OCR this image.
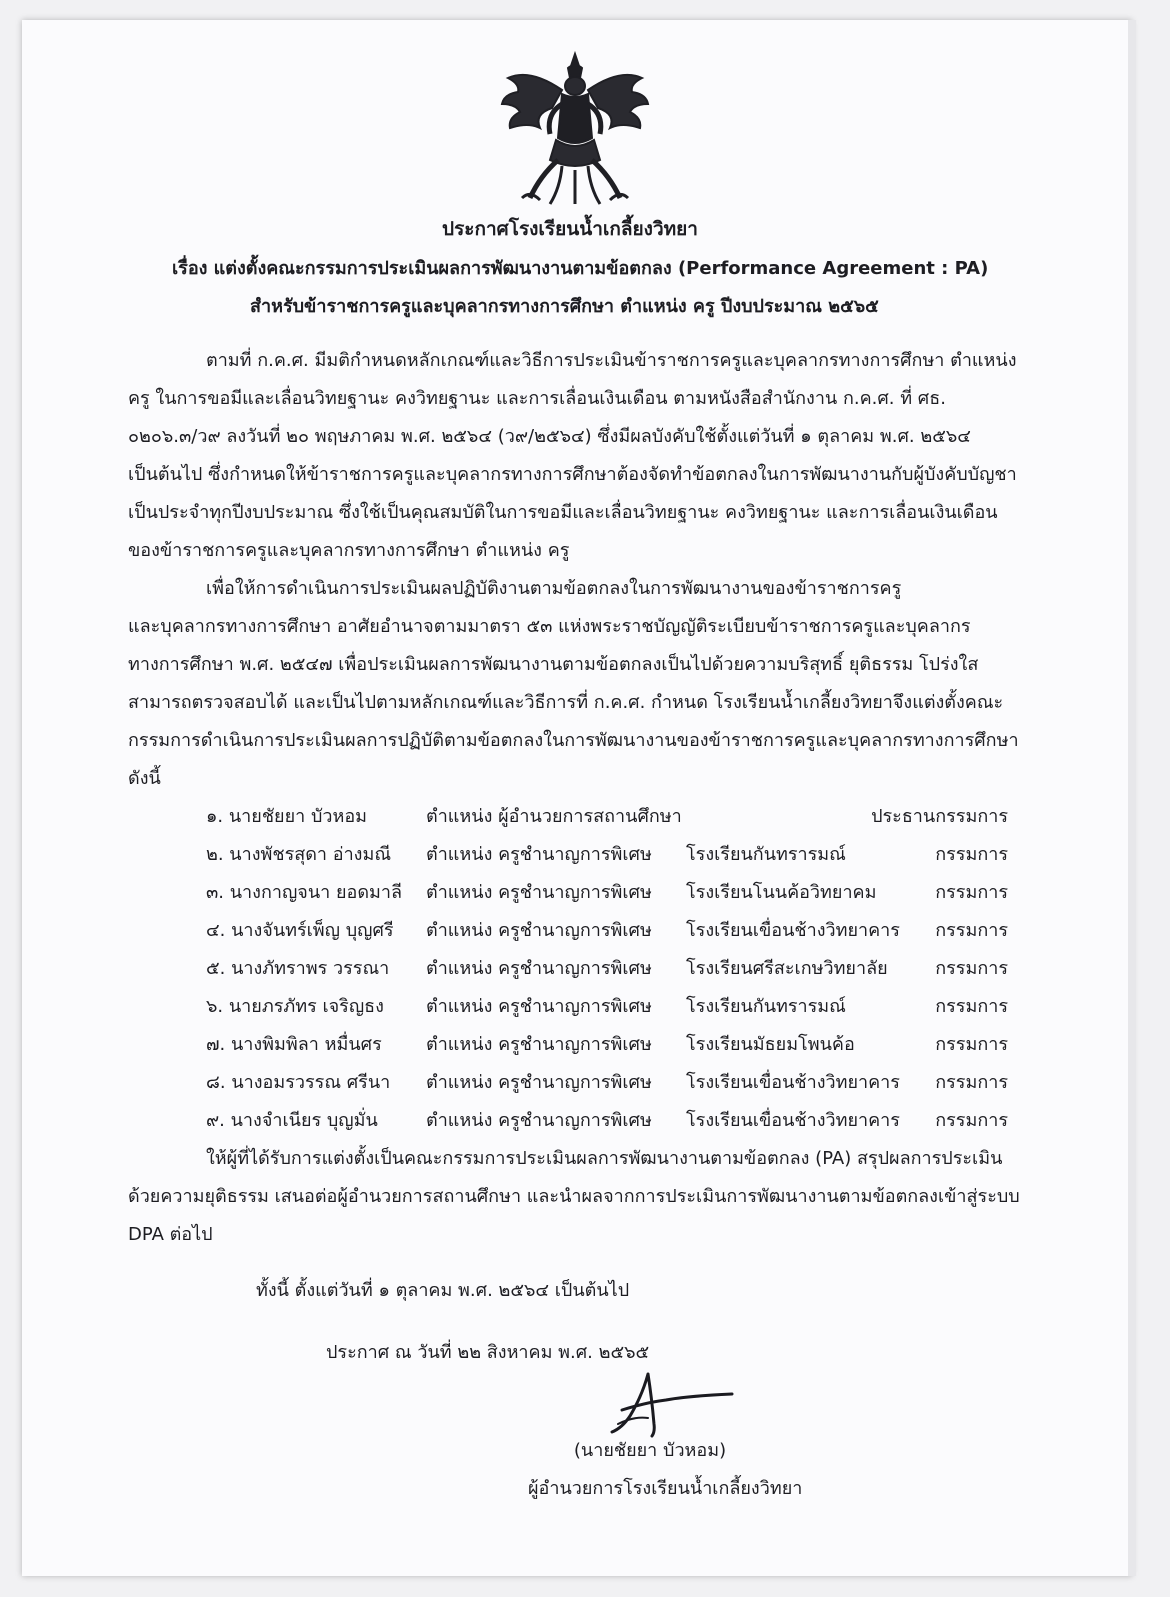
ประกาศโรงเรียนน้ำเกลี้ยงวิทยา
เรื่อง แต่งตั้งคณะกรรมการประเมินผลการพัฒนางานตามข้อตกลง (Performance Agreement : PA)
สำหรับข้าราชการครูและบุคลากรทางการศึกษา ตำแหน่ง ครู ปีงบประมาณ ๒๕๖๕
ตามที่ ก.ค.ศ. มีมติกำหนดหลักเกณฑ์และวิธีการประเมินข้าราชการครูและบุคลากรทางการศึกษา ตำแหน่ง
ครู ในการขอมีและเลื่อนวิทยฐานะ คงวิทยฐานะ และการเลื่อนเงินเดือน ตามหนังสือสำนักงาน ก.ค.ศ. ที่ ศธ.
๐๒๐๖.๓/ว๙ ลงวันที่ ๒๐ พฤษภาคม พ.ศ. ๒๕๖๔ (ว๙/๒๕๖๔) ซึ่งมีผลบังคับใช้ตั้งแต่วันที่ ๑ ตุลาคม พ.ศ. ๒๕๖๔
เป็นต้นไป ซึ่งกำหนดให้ข้าราชการครูและบุคลากรทางการศึกษาต้องจัดทำข้อตกลงในการพัฒนางานกับผู้บังคับบัญชา
เป็นประจำทุกปีงบประมาณ ซึ่งใช้เป็นคุณสมบัติในการขอมีและเลื่อนวิทยฐานะ คงวิทยฐานะ และการเลื่อนเงินเดือน
ของข้าราชการครูและบุคลากรทางการศึกษา ตำแหน่ง ครู
เพื่อให้การดำเนินการประเมินผลปฏิบัติงานตามข้อตกลงในการพัฒนางานของข้าราชการครู
และบุคลากรทางการศึกษา อาศัยอำนาจตามมาตรา ๕๓ แห่งพระราชบัญญัติระเบียบข้าราชการครูและบุคลากร
ทางการศึกษา พ.ศ. ๒๕๔๗ เพื่อประเมินผลการพัฒนางานตามข้อตกลงเป็นไปด้วยความบริสุทธิ์ ยุติธรรม โปร่งใส
สามารถตรวจสอบได้ และเป็นไปตามหลักเกณฑ์และวิธีการที่ ก.ค.ศ. กำหนด โรงเรียนน้ำเกลี้ยงวิทยาจึงแต่งตั้งคณะ
กรรมการดำเนินการประเมินผลการปฏิบัติตามข้อตกลงในการพัฒนางานของข้าราชการครูและบุคลากรทางการศึกษา
ดังนี้
๑. นายชัยยา บัวหอม	ตำแหน่ง ผู้อำนวยการสถานศึกษา	ประธานกรรมการ
๒. นางพัชรสุดา อ่างมณี ตำแหน่ง ครูชำนาญการพิเศษ โรงเรียนกันทรารมณ์	กรรมการ
๓. นางกาญจนา ยอดมาลี ตำแหน่ง ครูชำนาญการพิเศษ โรงเรียนโนนค้อวิทยาคม	กรรมการ
๔. นางจันทร์เพ็ญ บุญศรี ตำแหน่ง ครูชำนาญการพิเศษ โรงเรียนเขื่อนช้างวิทยาคาร	กรรมการ
๕. นางภัทราพร วรรณา ตำแหน่ง ครูชำนาญการพิเศษ โรงเรียนศรีสะเกษวิทยาลัย	กรรมการ
๖. นายภรภัทร เจริญธง ตำแหน่ง ครูชำนาญการพิเศษ โรงเรียนกันทรารมณ์	กรรมการ
๗. นางพิมพิลา หมื่นศร ตำแหน่ง ครูชำนาญการพิเศษ โรงเรียนมัธยมโพนค้อ	กรรมการ
๘. นางอมรวรรณ ศรีนา ตำแหน่ง ครูชำนาญการพิเศษ โรงเรียนเขื่อนช้างวิทยาคาร	กรรมการ
๙. นางจำเนียร บุญมั่น	ตำแหน่ง ครูชำนาญการพิเศษ โรงเรียนเขื่อนช้างวิทยาคาร	กรรมการ
ให้ผู้ที่ได้รับการแต่งตั้งเป็นคณะกรรมการประเมินผลการพัฒนางานตามข้อตกลง (PA) สรุปผลการประเมิน
ด้วยความยุติธรรม เสนอต่อผู้อำนวยการสถานศึกษา และนำผลจากการประเมินการพัฒนางานตามข้อตกลงเข้าสู่ระบบ
DPA ต่อไป
ทั้งนี้ ตั้งแต่วันที่ ๑ ตุลาคม พ.ศ. ๒๕๖๔ เป็นต้นไป
ประกาศ ณ วันที่ ๒๒ สิงหาคม พ.ศ. ๒๕๖๕
(นายชัยยา บัวหอม)
ผู้อำนวยการโรงเรียนน้ำเกลี้ยงวิทยา
